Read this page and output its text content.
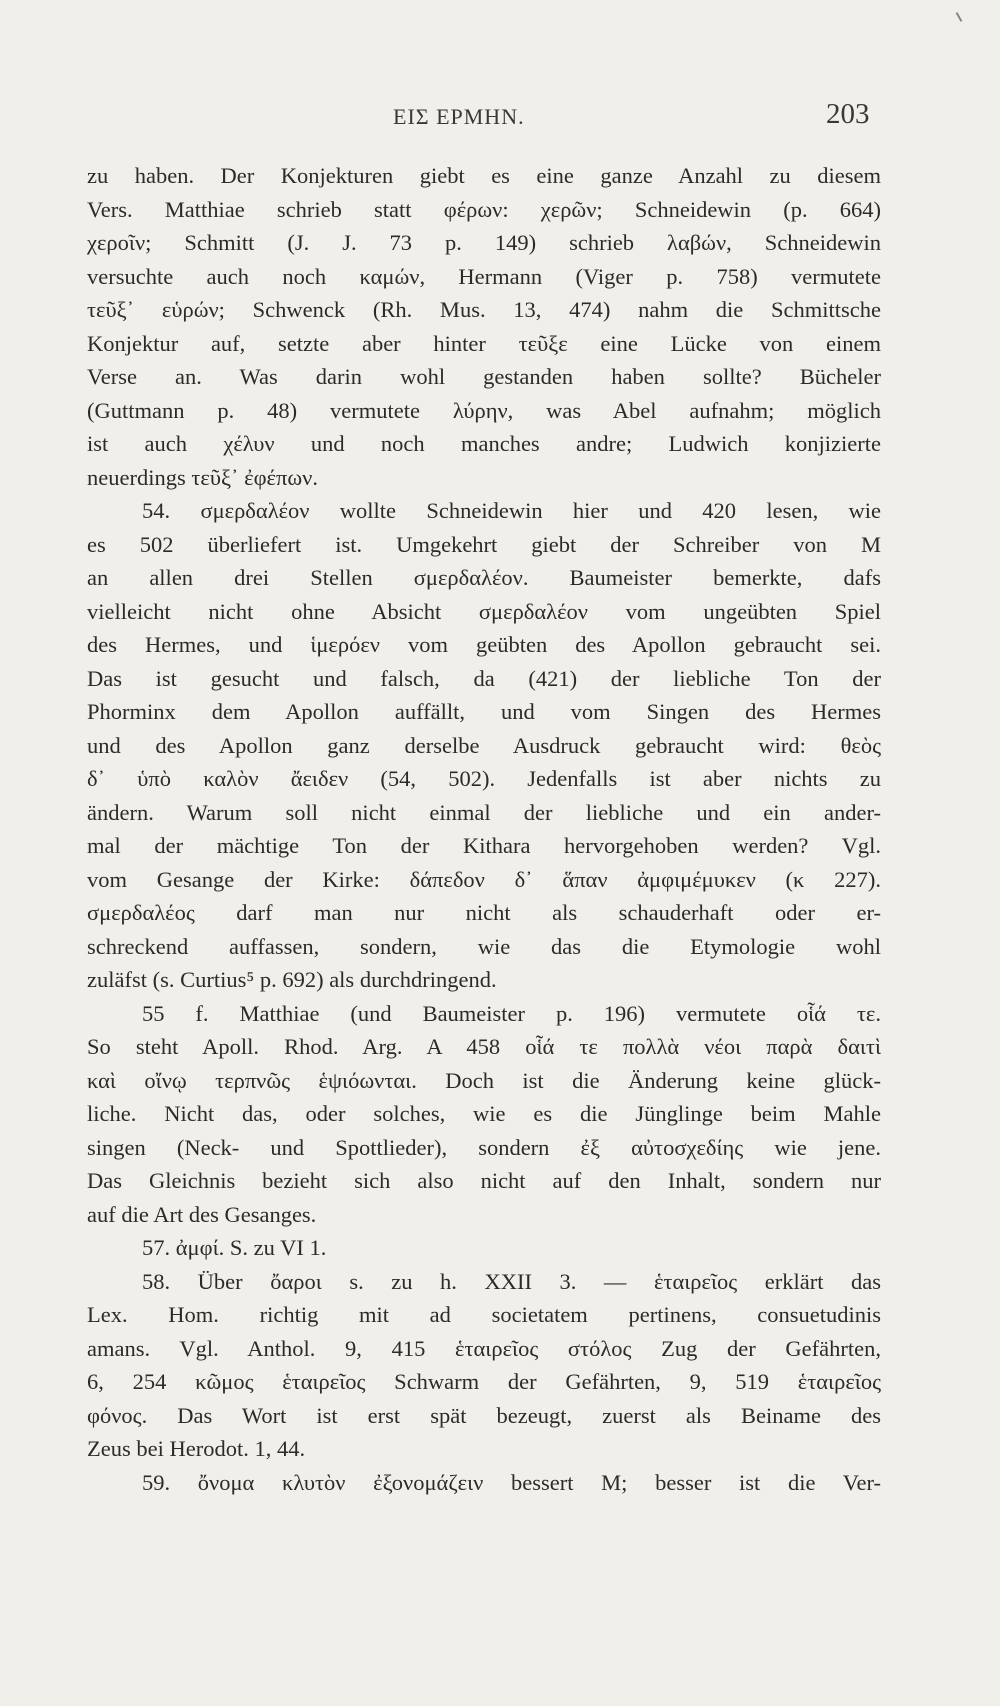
ΕΙΣ ΕΡΜΗΝ.	203
zu haben. Der Konjekturen giebt es eine ganze Anzahl zu diesem
Vers. Matthiae schrieb statt φέρων: χερῶν; Schneidewin (p. 664)
χεροῖν; Schmitt (J. J. 73 p. 149) schrieb λαβών, Schneidewin
versuchte auch noch καμών, Hermann (Viger p. 758) vermutete
τεῦξ᾽ εὑρών; Schwenck (Rh. Mus. 13, 474) nahm die Schmittsche
Konjektur auf, setzte aber hinter τεῦξε eine Lücke von einem
Verse an. Was darin wohl gestanden haben sollte? Bücheler
(Guttmann p. 48) vermutete λύρην, was Abel aufnahm; möglich
ist auch χέλυν und noch manches andre; Ludwich konjizierte
neuerdings τεῦξ᾽ ἐφέπων.
54. σμερδαλέον wollte Schneidewin hier und 420 lesen, wie
es 502 überliefert ist. Umgekehrt giebt der Schreiber von M
an allen drei Stellen σμερδαλέον. Baumeister bemerkte, dafs
vielleicht nicht ohne Absicht σμερδαλέον vom ungeübten Spiel
des Hermes, und ἱμερόεν vom geübten des Apollon gebraucht sei.
Das ist gesucht und falsch, da (421) der liebliche Ton der
Phorminx dem Apollon auffällt, und vom Singen des Hermes
und des Apollon ganz derselbe Ausdruck gebraucht wird: θεὸς
δ᾽ ὑπὸ καλὸν ἄειδεν (54, 502). Jedenfalls ist aber nichts zu
ändern. Warum soll nicht einmal der liebliche und ein ander-
mal der mächtige Ton der Kithara hervorgehoben werden? Vgl.
vom Gesange der Kirke: δάπεδον δ᾽ ἅπαν ἀμφιμέμυκεν (κ 227).
σμερδαλέος darf man nur nicht als schauderhaft oder er-
schreckend auffassen, sondern, wie das die Etymologie wohl
zuläfst (s. Curtius⁵ p. 692) als durchdringend.
55 f. Matthiae (und Baumeister p. 196) vermutete οἷά τε.
So steht Apoll. Rhod. Arg. A 458 οἷά τε πολλὰ νέοι παρὰ δαιτὶ
καὶ οἴνῳ τερπνῶς ἑψιόωνται. Doch ist die Änderung keine glück-
liche. Nicht das, oder solches, wie es die Jünglinge beim Mahle
singen (Neck- und Spottlieder), sondern ἐξ αὐτοσχεδίης wie jene.
Das Gleichnis bezieht sich also nicht auf den Inhalt, sondern nur
auf die Art des Gesanges.
57. ἀμφί. S. zu VI 1.
58. Über ὄαροι s. zu h. XXII 3. — ἑταιρεῖος erklärt das
Lex. Hom. richtig mit ad societatem pertinens, consuetudinis
amans. Vgl. Anthol. 9, 415 ἑταιρεῖος στόλος Zug der Gefährten,
6, 254 κῶμος ἑταιρεῖος Schwarm der Gefährten, 9, 519 ἑταιρεῖος
φόνος. Das Wort ist erst spät bezeugt, zuerst als Beiname des
Zeus bei Herodot. 1, 44.
59. ὄνομα κλυτὸν ἐξονομάζειν bessert M; besser ist die Ver-
